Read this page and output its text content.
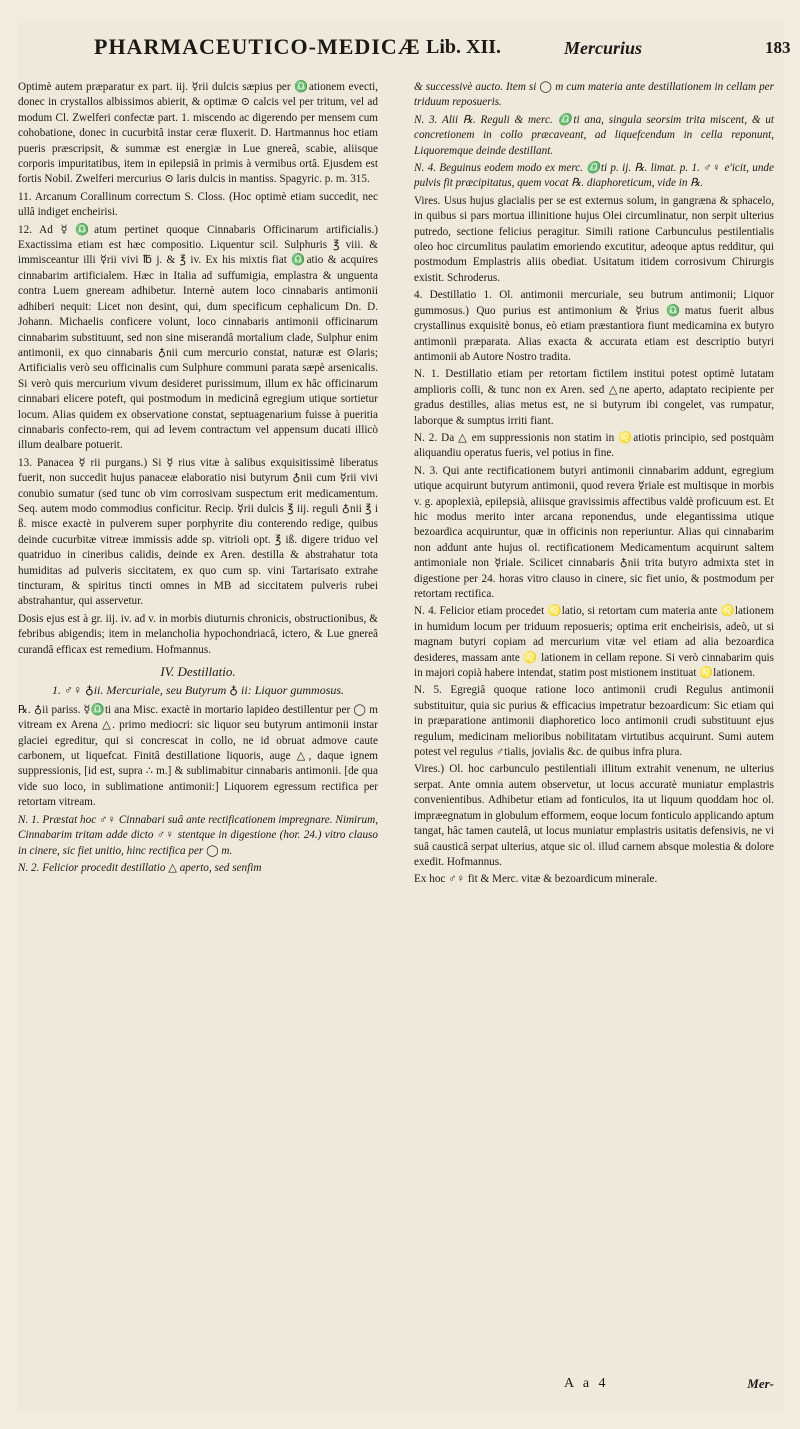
PHARMACEUTICO-MEDICÆ Lib. XII.	Mercurius	183

Optimè autem præparatur ex part. iij. ☿rii dulcis sæpius per ♎ationem evecti, donec in crystallos albissimos abierit, & optimæ ⊙ calcis vel per tritum, vel ad modum Cl. Zwelferi confectæ part. 1. miscendo ac digerendo per mensem cum cohobatione, donec in cucurbitâ instar ceræ fluxerit. D. Hartmannus hoc etiam pueris præscripsit, & summæ est energiæ in Lue gnereâ, scabie, aliisque corporis impuritatibus, item in epilepsiâ in primis à vermibus ortâ. Ejusdem est fortis Nobil. Zwelferi mercurius ⊙ laris dulcis in mantiss. Spagyric. p. m. 315.

11. Arcanum Corallinum correctum S. Closs. (Hoc optimè etiam succedit, nec ullâ indiget encheirisi.

12. Ad ☿ ♎atum pertinet quoque Cinnabaris Officinarum artificialis.) Exactissima etiam est hæc compositio. Liquentur scil. Sulphuris ℥ viii. & immisceantur illi ☿rii vivi ℔ j. & ℥ iv. Ex his mixtis fiat ♎atio & acquires cinnabarim artificialem. Hæc in Italia ad suffumigia, emplastra & unguenta contra Luem gneream adhibetur. Internè autem loco cinnabaris antimonii adhiberi nequit: Licet non desint, qui, dum specificum cephalicum Dn. D. Johann. Michaelis conficere volunt, loco cinnabaris antimonii officinarum cinnabarim substituunt, sed non sine miserandâ mortalium clade, Sulphur enim antimonii, ex quo cinnabaris ♁nii cum mercurio constat, naturæ est ⊙laris; Artificialis verò seu officinalis cum Sulphure communi parata sæpè arsenicalis. Si verò quis mercurium vivum desideret purissimum, illum ex hâc officinarum cinnabari elicere poteft, qui postmodum in medicinâ egregium utique sortietur locum. Alias quidem ex observatione constat, septuagenarium fuisse à pueritia cinnabaris confecto-rem, qui ad levem contractum vel appensum ducati illicò illum dealbare potuerit.

13. Panacea ☿ rii purgans.) Si ☿ rius vitæ à salibus exquisitissimè liberatus fuerit, non succedit hujus panaceæ elaboratio nisi butyrum ♁nii cum ☿rii vivi conubio sumatur (sed tunc ob vim corrosivam suspectum erit medicamentum. Seq. autem modo commodius conficitur. Recip. ☿rii dulcis ℥ iij. reguli ♁nii ℥ i ß. misce exactè in pulverem super porphyrite diu conterendo redige, quibus deinde cucurbitæ vitreæ immissis adde sp. vitrioli opt. ℥ iß. digere triduo vel quatriduo in cineribus calidis, deinde ex Aren. destilla & abstrahatur tota humiditas ad pulveris siccitatem, ex quo cum sp. vini Tartarisato extrahe tincturam, & spiritus tincti omnes in MB ad siccitatem pulveris rubei abstrahantur, qui asservetur.

Dosis ejus est à gr. iij. iv. ad v. in morbis diuturnis chronicis, obstructionibus, & febribus abigendis; item in melancholia hypochondriacâ, ictero, & Lue gnereâ curandâ efficax est remedium. Hofmannus.

IV. Destillatio.

1. ♂♀ ♁ii. Mercuriale, seu Butyrum ♁ ii: Liquor gummosus.

℞. ♁ii pariss. ☿♎ti ana Misc. exactè in mortario lapideo destillentur per ◯ m vitream ex Arena △. primo mediocri: sic liquor seu butyrum antimonii instar glaciei egreditur, qui si concrescat in collo, ne id obruat admove caute carbonem, ut liquefcat. Finitâ destillatione liquoris, auge △, daque ignem suppressionis, [id est, supra ∴ m.] & sublimabitur cinnabaris antimonii. [de qua vide suo loco, in sublimatione antimonii:] Liquorem egressum rectifica per retortam vitream.

N. 1. Præstat hoc ♂♀ Cinnabari suâ ante rectificationem impregnare. Nimirum, Cinnabarim tritam adde dicto ♂♀ stentque in digestione (hor. 24.) vitro clauso in cinere, sic fiet unitio, hinc rectifica per ◯ m.

N. 2. Felicior procedit destillatio △ aperto, sed senfim

& successivè aucto. Item si ◯ m cum materia ante destillationem in cellam per triduum reposueris.

N. 3. Alii ℞. Reguli & merc. ♎ti ana, singula seorsim trita miscent, & ut concretionem in collo præcaveant, ad liquefcendum in cella reponunt, Liquoremque deinde destillant.

N. 4. Beguinus eodem modo ex merc. ♎ti p. ij. ℞. limat. p. 1. ♂♀ e'icit, unde pulvis fit præcipitatus, quem vocat ℞. diaphoreticum, vide in ℞.

Vires. Usus hujus glacialis per se est externus solum, in gangræna & sphacelo, in quibus si pars mortua illinitione hujus Olei circumlinatur, non serpit ulterius putredo, sectione felicius peragitur. Simili ratione Carbunculus pestilentialis oleo hoc circumlitus paulatim emoriendo excutitur, adeoque aptus redditur, qui postmodum Emplastris aliis obediat. Usitatum itidem corrosivum Chirurgis existit. Schroderus.

4. Destillatio 1. Ol. antimonii mercuriale, seu butrum antimonii; Liquor gummosus.) Quo purius est antimonium & ☿rius ♎matus fuerit albus crystallinus exquisitè bonus, eò etiam præstantiora fiunt medicamina ex butyro antimonii præparata. Alias exacta & accurata etiam est descriptio butyri antimonii ab Autore Nostro tradita.

N. 1. Destillatio etiam per retortam fictilem institui potest optimè lutatam amplioris colli, & tunc non ex Aren. sed △ne aperto, adaptato recipiente per gradus destilles, alias metus est, ne si butyrum ibi congelet, vas rumpatur, laborque & sumptus irriti fiant.

N. 2. Da △ em suppressionis non statim in ♌atiotis principio, sed postquàm aliquandiu operatus fueris, vel potius in fine.

N. 3. Qui ante rectificationem butyri antimonii cinnabarim addunt, egregium utique acquirunt butyrum antimonii, quod revera ☿riale est multisque in morbis v. g. apoplexià, epilepsià, aliisque gravissimis affectibus valdè proficuum est. Et hic modus merito inter arcana reponendus, unde elegantissima utique bezoardica acquiruntur, quæ in officinis non reperiuntur. Alias qui cinnabarim non addunt ante hujus ol. rectificationem Medicamentum acquirunt saltem antimoniale non ☿riale. Scilicet cinnabaris ♁nii trita butyro admixta stet in digestione per 24. horas vitro clauso in cinere, sic fiet unio, & postmodum per retortam rectifica.

N. 4. Felicior etiam procedet ♌latio, si retortam cum materia ante ♌lationem in humidum locum per triduum reposueris; optima erit encheirisis, adeò, ut si magnam butyri copiam ad mercurium vitæ vel etiam ad alia bezoardica desideres, massam ante ♌ lationem in cellam repone. Si verò cinnabarim quis in majori copià habere intendat, statim post mistionem instituat ♌lationem.

N. 5. Egregiâ quoque ratione loco antimonii crudi Regulus antimonii substituitur, quia sic purius & efficacius impetratur bezoardicum: Sic etiam qui in præparatione antimonii diaphoretico loco antimonii crudi substituunt ejus regulum, medicinam melioribus nobilitatam virtutibus acquirunt. Sumi autem potest vel regulus ♂tialis, jovialis &c. de quibus infra plura.

Vires.) Ol. hoc carbunculo pestilentiali illitum extrahit venenum, ne ulterius serpat. Ante omnia autem observetur, ut locus accuratè muniatur emplastris convenientibus. Adhibetur etiam ad fonticulos, ita ut liquum quoddam hoc ol. impræegnatum in globulum efformem, eoque locum fonticulo applicando aptum tangat, hâc tamen cautelâ, ut locus muniatur emplastris usitatis defensivis, ne vi suâ causticâ serpat ulterius, atque sic ol. illud carnem absque molestia & dolore exedit. Hofmannus.

Ex hoc ♂♀ fit & Merc. vitæ & bezoardicum minerale.

A a 4	Mer-
